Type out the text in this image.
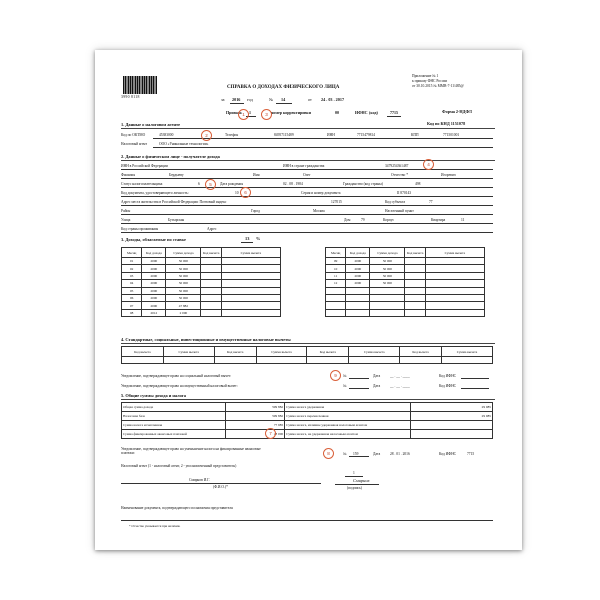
3990 8118
Приложение № 1
к приказу ФНС России
от 30.10.2015 № ММВ-7-11/485@
СПРАВКА О ДОХОДАХ ФИЗИЧЕСКОГО ЛИЦА
за 2016 год	№ 14	от 24 . 03 . 2017
Форма 2-НДФЛ
Признак 1	номер корректировки	00	ИФНС (код)	7715
1. Данные о налоговом агенте	Код по КНД 1151078
Код по ОКТМО	45383000	Телефон	84957115489	ИНН	7715479814	КПП	771501001
Налоговый агент	ООО «Уникальные технологии»
2. Данные о физическом лице - получателе дохода
ИНН в Российской Федерации	ИНН в стране гражданства	3479254361487
Фамилия	Бердыеву	Имя	Олег	Отчество *	Игоревич
Статус налогоплательщика	6	Дата рождения	02 . 08 . 1984	Гражданство (код страны)	498
Код документа, удостоверяющего личность:	10	Серия и номер документа	II 870143
Адрес места жительства в Российской Федерации: Почтовый индекс	127015	Код субъекта	77
Район	Город	Москва	Населенный пункт
Улица	Бутырская	Дом	79	Корпус	Квартира	11
Код страны проживания	Адрес
3. Доходы, облагаемые по ставке	13 %
Месяц	Код дохода	Сумма дохода	Код вычета	Сумма вычета
01	2000	50 000		
02	2000	50 000		
03	2000	50 000		
04	2000	50 000		
05	2000	50 000		
06	2000	50 000		
07	2000	47 882		
08	2012	2 000		
Месяц	Код дохода	Сумма дохода	Код вычета	Сумма вычета
09	2000	50 000		
10	2000	50 000		
11	2000	50 000		
12	2000	50 000		

4. Стандартные, социальные, инвестиционные и имущественные налоговые вычеты
Код вычета	Сумма вычета	Код вычета	Сумма вычета	Код вычета	Сумма вычета	Код вычета	Сумма вычета

Уведомление, подтверждающее право на социальный налоговый вычет:	№	Дата	__ . __ . ____	Код ИФНС
Уведомление, подтверждающее право на имущественный налоговый вычет:	№	Дата	__ . __ . ____	Код ИФНС
5. Общие суммы дохода и налога
Общая сумма дохода	599 882	Сумма налога удержанная	29 985
Налоговая база	599 882	Сумма налога перечисленная	29 985
Сумма налога исчисленная	77 985	Сумма налога, излишне удержанная налоговым агентом	
Сумма фиксированных авансовых платежей	48 000	Сумма налога, не удержанная налоговым агентом	
Уведомление, подтверждающее право на уменьшение налога на фиксированные авансовые платежи:	№ 159	Дата	28 . 01 . 2016	Код ИФНС	7715
Налоговый агент (1 - налоговый агент, 2 - уполномоченный представитель)
1
Смирнов И.Г.
(Ф.И.О.)*
Смирнов
(подпись)
Наименование документа, подтверждающего полномочия представителя
* Отчество указывается при наличии.
1
2
3
4
5
6
7
8
9
